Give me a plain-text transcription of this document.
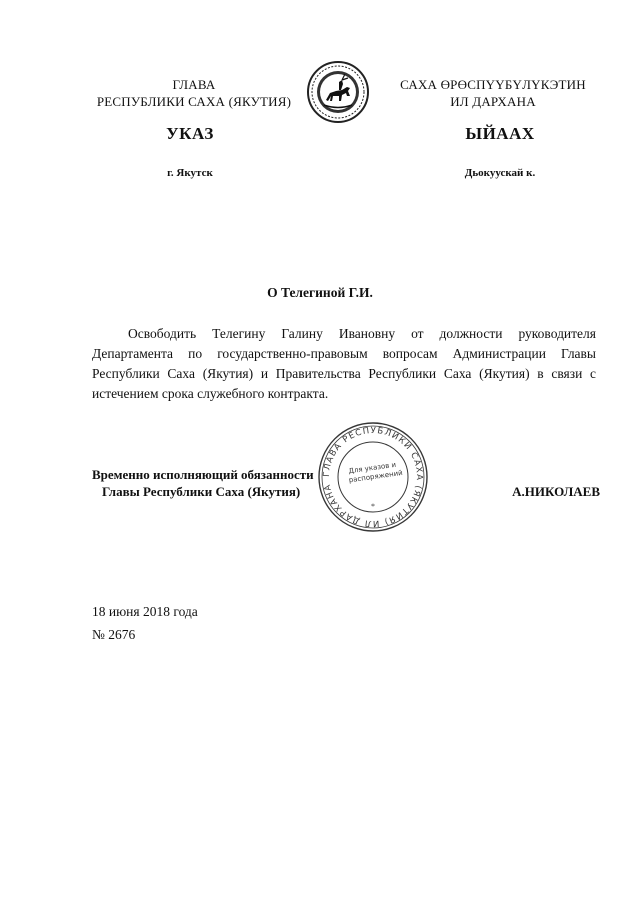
ГЛАВА
РЕСПУБЛИКИ САХА (ЯКУТИЯ)
САХА ӨРӨСПҮҮБҮЛҮКЭТИН
ИЛ ДАРХАНА
УКАЗ	ЫЙААХ
г. Якутск	Дьокуускай к.
О Телегиной Г.И.
Освободить Телегину Галину Ивановну от должности руководителя Департамента по государственно-правовым вопросам Администрации Главы Республики Саха (Якутия) и Правительства Республики Саха (Якутия) в связи с истечением срока служебного контракта.
Временно исполняющий обязанности
Главы Республики Саха (Якутия)	А.НИКОЛАЕВ
ГЛАВА РЕСПУБЛИКИ САХА (ЯКУТИЯ) ИЛ ДАРХАНА
*
Для указов и распоряжений
18 июня 2018 года
№ 2676
